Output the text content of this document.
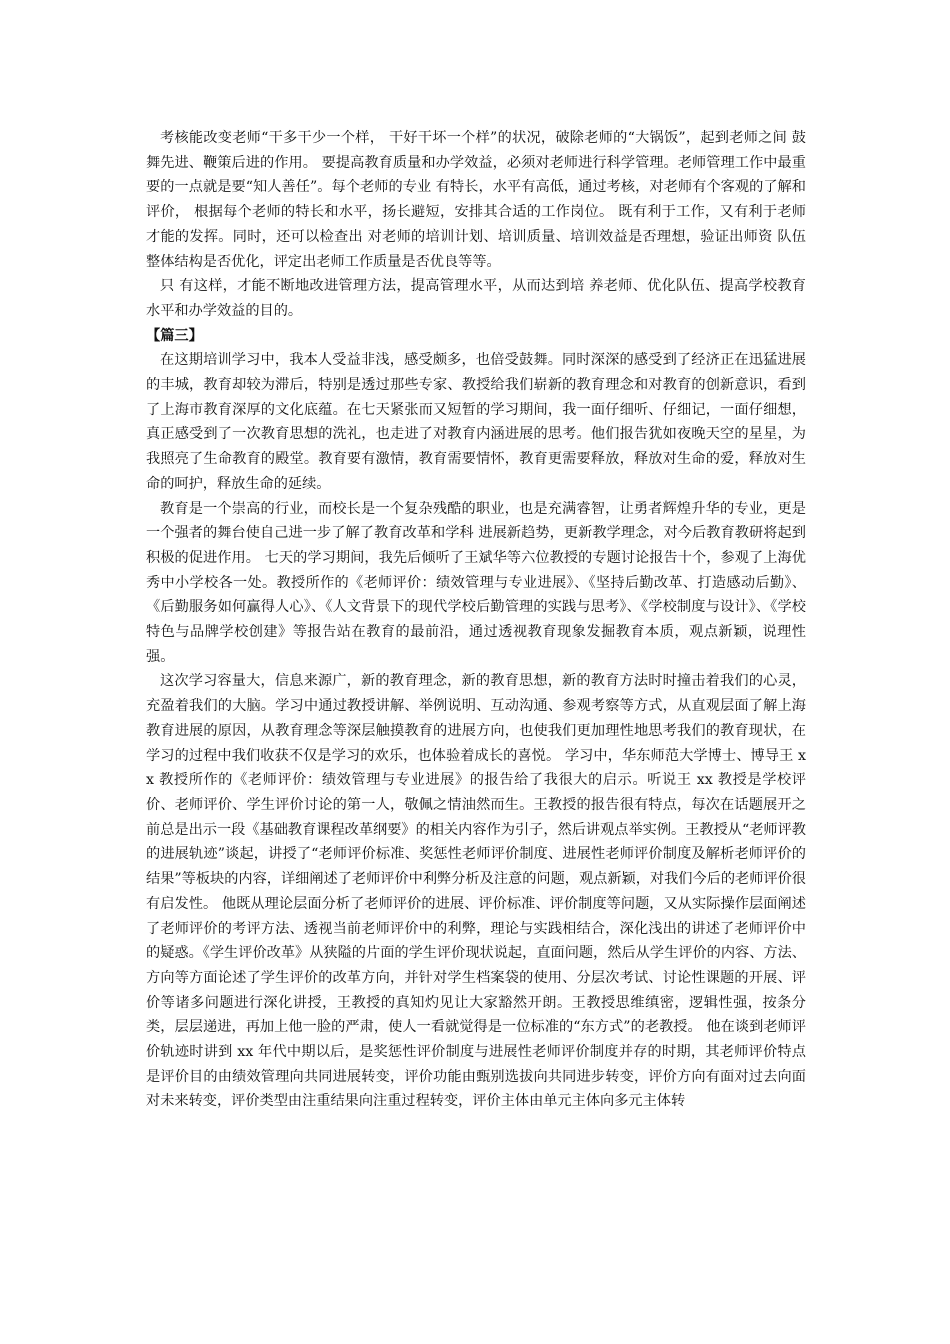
考核能改变老师“干多干少一个样， 干好干坏一个样”的状况，破除老师的“大锅饭”，起到老师之间 鼓舞先进、鞭策后进的作用。 要提高教育质量和办学效益，必须对老师进行科学管理。老师管理工作中最重要的一点就是要“知人善任”。每个老师的专业 有特长，水平有高低，通过考核，对老师有个客观的了解和评价， 根据每个老师的特长和水平，扬长避短，安排其合适的工作岗位。 既有利于工作，又有利于老师才能的发挥。同时，还可以检查出 对老师的培训计划、培训质量、培训效益是否理想，验证出师资 队伍整体结构是否优化，评定出老师工作质量是否优良等等。

只 有这样，才能不断地改进管理方法，提高管理水平，从而达到培 养老师、优化队伍、提高学校教育水平和办学效益的目的。

【篇三】

在这期培训学习中，我本人受益非浅，感受颇多，也倍受鼓舞。同时深深的感受到了经济正在迅猛进展的丰城，教育却较为滞后，特别是透过那些专家、教授给我们崭新的教育理念和对教育的创新意识，看到了上海市教育深厚的文化底蕴。在七天紧张而又短暂的学习期间，我一面仔细听、仔细记，一面仔细想，真正感受到了一次教育思想的洗礼，也走进了对教育内涵进展的思考。他们报告犹如夜晚天空的星星，为我照亮了生命教育的殿堂。教育要有激情，教育需要情怀，教育更需要释放，释放对生命的爱，释放对生命的呵护，释放生命的延续。

教育是一个崇高的行业，而校长是一个复杂残酷的职业，也是充满睿智，让勇者辉煌升华的专业，更是一个强者的舞台使自己进一步了解了教育改革和学科 进展新趋势，更新教学理念，对今后教育教研将起到积极的促进作用。 七天的学习期间，我先后倾听了王斌华等六位教授的专题讨论报告十个，参观了上海优秀中小学校各一处。教授所作的《老师评价：绩效管理与专业进展》、《坚持后勤改革、打造感动后勤》、《后勤服务如何赢得人心》、《人文背景下的现代学校后勤管理的实践与思考》、《学校制度与设计》、《学校特色与品牌学校创建》等报告站在教育的最前沿，通过透视教育现象发掘教育本质，观点新颖，说理性强。

这次学习容量大，信息来源广，新的教育理念，新的教育思想，新的教育方法时时撞击着我们的心灵，充盈着我们的大脑。学习中通过教授讲解、举例说明、互动沟通、参观考察等方式，从直观层面了解上海教育进展的原因，从教育理念等深层触摸教育的进展方向，也使我们更加理性地思考我们的教育现状，在学习的过程中我们收获不仅是学习的欢乐，也体验着成长的喜悦。 学习中，华东师范大学博士、博导王 xx 教授所作的《老师评价：绩效管理与专业进展》的报告给了我很大的启示。听说王 xx 教授是学校评价、老师评价、学生评价讨论的第一人，敬佩之情油然而生。王教授的报告很有特点，每次在话题展开之前总是出示一段《基础教育课程改革纲要》的相关内容作为引子，然后讲观点举实例。王教授从“老师评教 的进展轨迹”谈起，讲授了“老师评价标准、奖惩性老师评价制度、进展性老师评价制度及解析老师评价的结果”等板块的内容，详细阐述了老师评价中利弊分析及注意的问题，观点新颖，对我们今后的老师评价很有启发性。 他既从理论层面分析了老师评价的进展、评价标准、评价制度等问题，又从实际操作层面阐述了老师评价的考评方法、透视当前老师评价中的利弊，理论与实践相结合，深化浅出的讲述了老师评价中的疑惑。《学生评价改革》从狭隘的片面的学生评价现状说起，直面问题，然后从学生评价的内容、方法、方向等方面论述了学生评价的改革方向，并针对学生档案袋的使用、分层次考试、讨论性课题的开展、评价等诸多问题进行深化讲授，王教授的真知灼见让大家豁然开朗。王教授思维缜密，逻辑性强，按条分类，层层递进，再加上他一脸的严肃，使人一看就觉得是一位标准的“东方式”的老教授。 他在谈到老师评价轨迹时讲到 xx 年代中期以后，是奖惩性评价制度与进展性老师评价制度并存的时期，其老师评价特点是评价目的由绩效管理向共同进展转变，评价功能由甄别选拔向共同进步转变，评价方向有面对过去向面对未来转变，评价类型由注重结果向注重过程转变，评价主体由单元主体向多元主体转
